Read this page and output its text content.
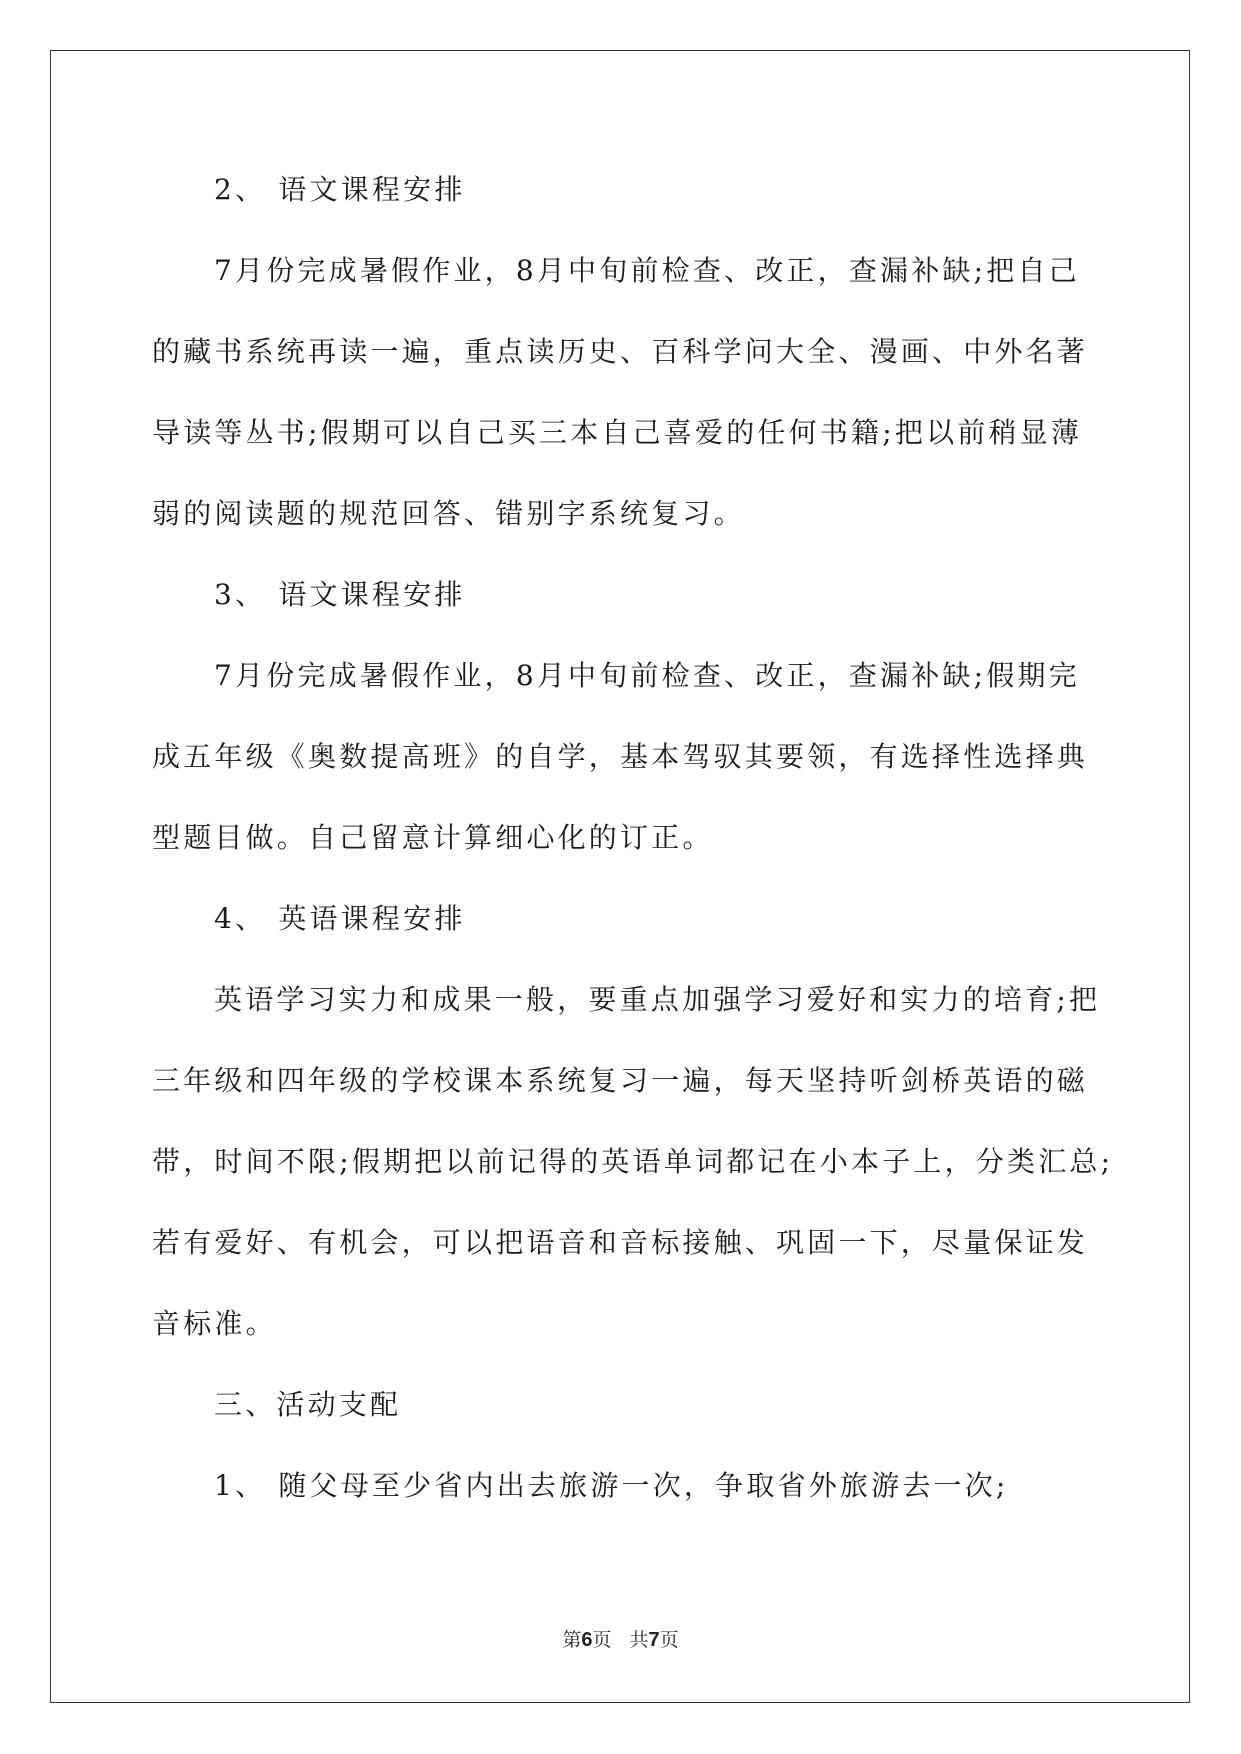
2、 语文课程安排
7月份完成暑假作业，8月中旬前检查、改正，查漏补缺;把自己
的藏书系统再读一遍，重点读历史、百科学问大全、漫画、中外名著
导读等丛书;假期可以自己买三本自己喜爱的任何书籍;把以前稍显薄
弱的阅读题的规范回答、错别字系统复习。
3、 语文课程安排
7月份完成暑假作业，8月中旬前检查、改正，查漏补缺;假期完
成五年级《奥数提高班》的自学，基本驾驭其要领，有选择性选择典
型题目做。自己留意计算细心化的订正。
4、 英语课程安排
英语学习实力和成果一般，要重点加强学习爱好和实力的培育;把
三年级和四年级的学校课本系统复习一遍，每天坚持听剑桥英语的磁
带，时间不限;假期把以前记得的英语单词都记在小本子上，分类汇总;
若有爱好、有机会，可以把语音和音标接触、巩固一下，尽量保证发
音标准。
三、活动支配
1、 随父母至少省内出去旅游一次，争取省外旅游去一次;
第6页 共7页
